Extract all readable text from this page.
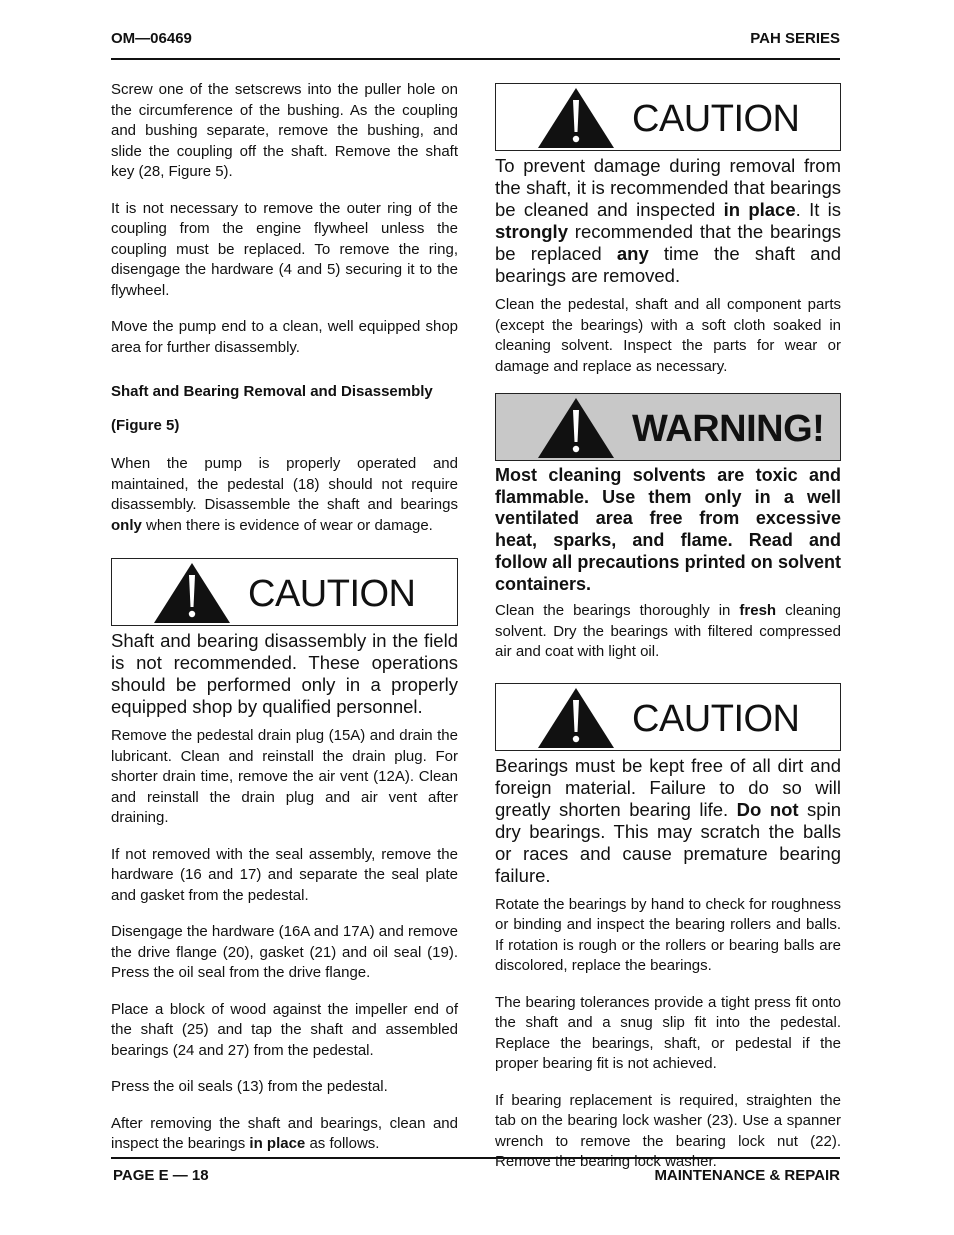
OM—06469	PAH SERIES

Screw one of the setscrews into the puller hole on the circumference of the bushing. As the coupling and bushing separate, remove the bushing, and slide the coupling off the shaft. Remove the shaft key (28, Figure 5).

It is not necessary to remove the outer ring of the coupling from the engine flywheel unless the coupling must be replaced. To remove the ring, disengage the hardware (4 and 5) securing it to the flywheel.

Move the pump end to a clean, well equipped shop area for further disassembly.

Shaft and Bearing Removal and Disassembly
(Figure 5)

When the pump is properly operated and maintained, the pedestal (18) should not require disassembly. Disassemble the shaft and bearings only when there is evidence of wear or damage.

CAUTION

Shaft and bearing disassembly in the field is not recommended. These operations should be performed only in a properly equipped shop by qualified personnel.

Remove the pedestal drain plug (15A) and drain the lubricant. Clean and reinstall the drain plug. For shorter drain time, remove the air vent (12A). Clean and reinstall the drain plug and air vent after draining.

If not removed with the seal assembly, remove the hardware (16 and 17) and separate the seal plate and gasket from the pedestal.

Disengage the hardware (16A and 17A) and remove the drive flange (20), gasket (21) and oil seal (19). Press the oil seal from the drive flange.

Place a block of wood against the impeller end of the shaft (25) and tap the shaft and assembled bearings (24 and 27) from the pedestal.

Press the oil seals (13) from the pedestal.

After removing the shaft and bearings, clean and inspect the bearings in place as follows.

CAUTION

To prevent damage during removal from the shaft, it is recommended that bearings be cleaned and inspected in place. It is strongly recommended that the bearings be replaced any time the shaft and bearings are removed.

Clean the pedestal, shaft and all component parts (except the bearings) with a soft cloth soaked in cleaning solvent. Inspect the parts for wear or damage and replace as necessary.

WARNING!

Most cleaning solvents are toxic and flammable. Use them only in a well ventilated area free from excessive heat, sparks, and flame. Read and follow all precautions printed on solvent containers.

Clean the bearings thoroughly in fresh cleaning solvent. Dry the bearings with filtered compressed air and coat with light oil.

CAUTION

Bearings must be kept free of all dirt and foreign material. Failure to do so will greatly shorten bearing life. Do not spin dry bearings. This may scratch the balls or races and cause premature bearing failure.

Rotate the bearings by hand to check for roughness or binding and inspect the bearing rollers and balls. If rotation is rough or the rollers or bearing balls are discolored, replace the bearings.

The bearing tolerances provide a tight press fit onto the shaft and a snug slip fit into the pedestal. Replace the bearings, shaft, or pedestal if the proper bearing fit is not achieved.

If bearing replacement is required, straighten the tab on the bearing lock washer (23). Use a spanner wrench to remove the bearing lock nut (22). Remove the bearing lock washer.

PAGE E — 18	MAINTENANCE & REPAIR
